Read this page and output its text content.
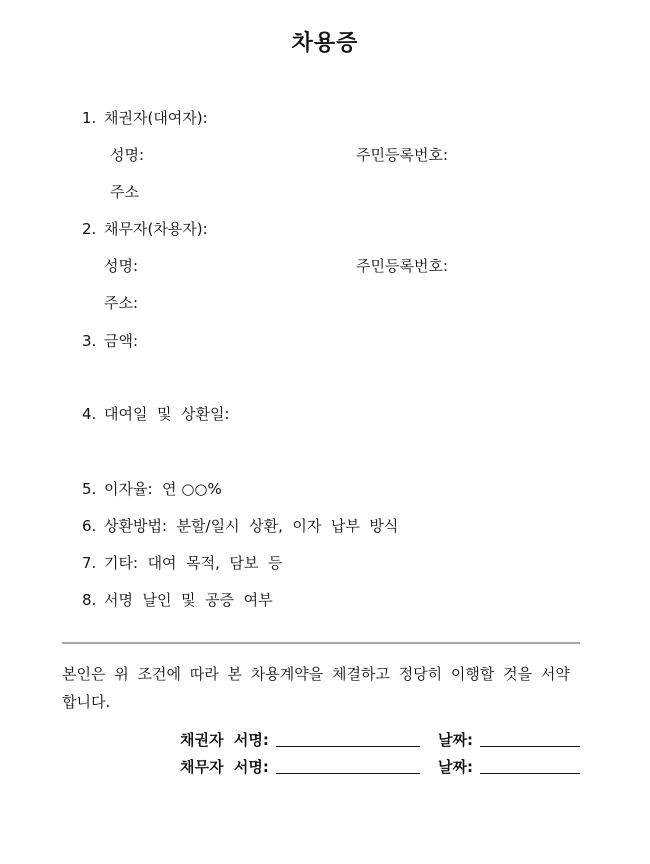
차용증
1. 채권자(대여자):
성명:	주민등록번호:
주소
2. 채무자(차용자):
성명:	주민등록번호:
주소:
3. 금액:
4. 대여일  및  상환일:
5. 이자율:  연 ○○%
6. 상환방법:  분할/일시  상환,  이자  납부  방식
7. 기타:  대여  목적,  담보  등
8. 서명  날인  및  공증  여부
본인은 위 조건에 따라 본 차용계약을 체결하고 정당히 이행할 것을 서약합니다.
채권자  서명:	날짜:
채무자  서명:	날짜:
